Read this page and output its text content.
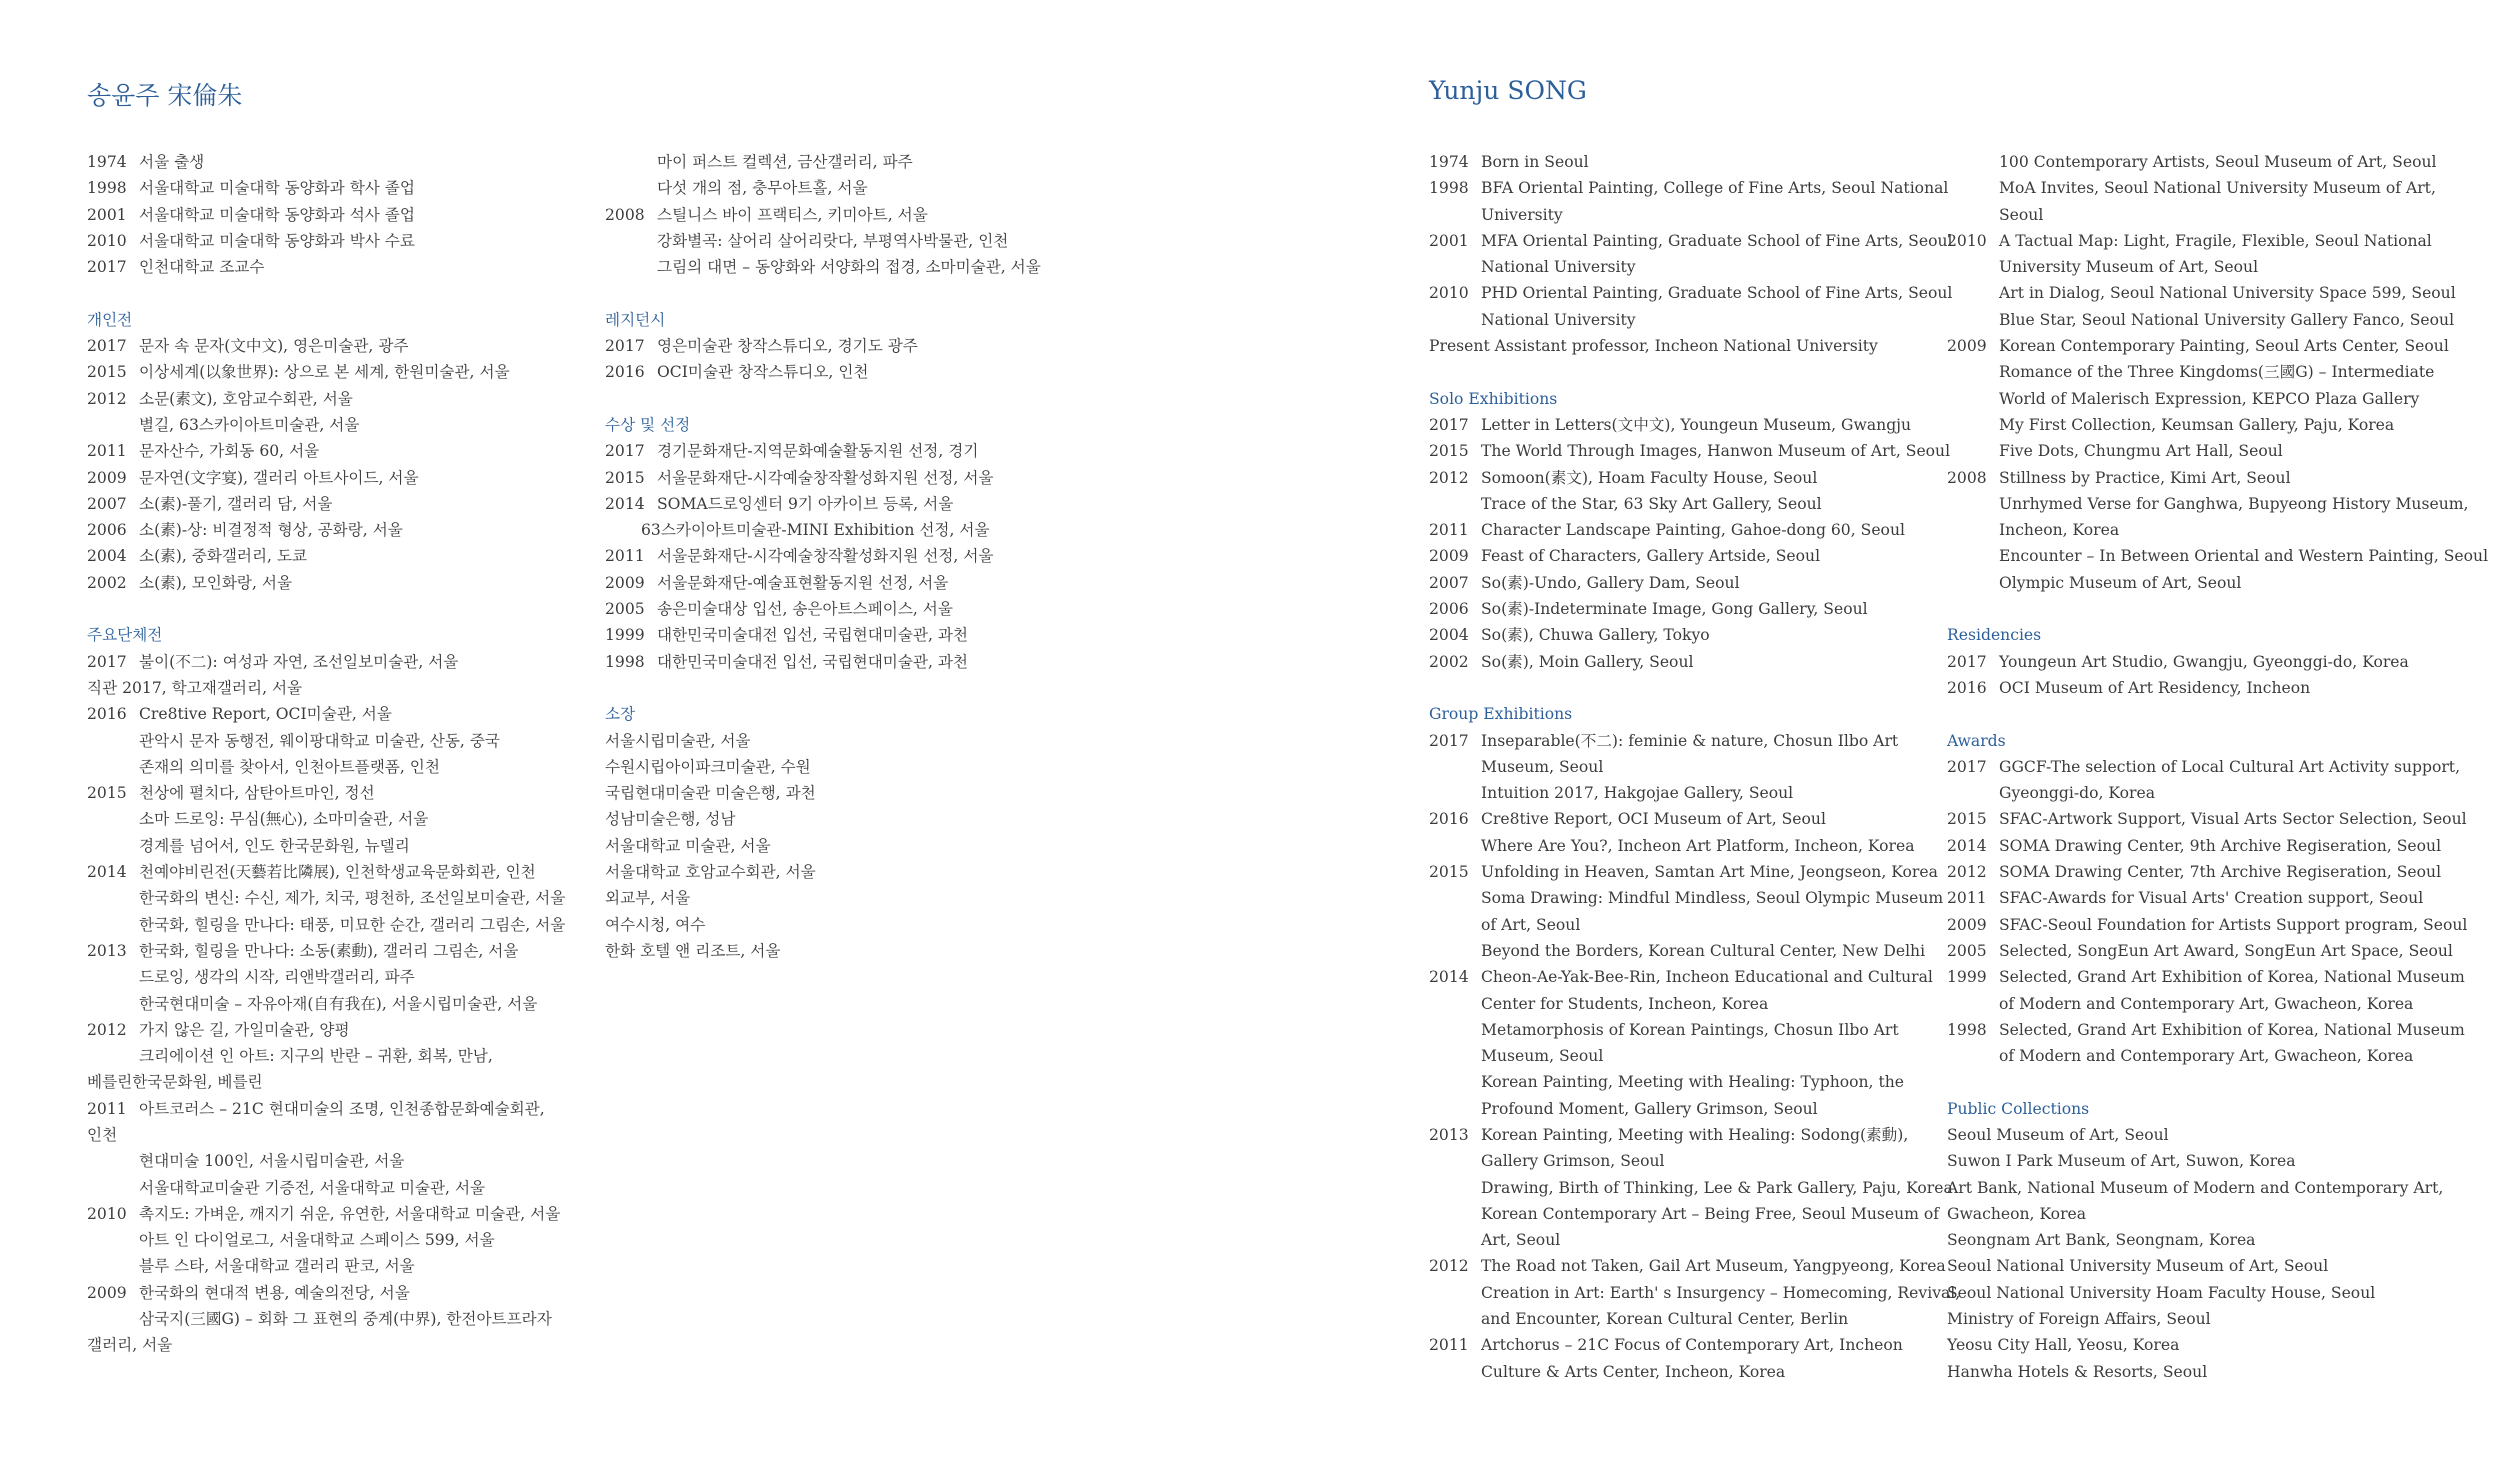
송윤주 宋倫朱	Yunju SONG
1974 서울 출생
1998 서울대학교 미술대학 동양화과 학사 졸업
2001 서울대학교 미술대학 동양화과 석사 졸업
2010 서울대학교 미술대학 동양화과 박사 수료
2017 인천대학교 조교수
개인전
2017 문자 속 문자(文中文), 영은미술관, 광주
2015 이상세계(以象世界): 상으로 본 세계, 한원미술관, 서울
2012 소문(素文), 호암교수회관, 서울
별길, 63스카이아트미술관, 서울
2011 문자산수, 가회동 60, 서울
2009 문자연(文字宴), 갤러리 아트사이드, 서울
2007 소(素)-풀기, 갤러리 담, 서울
2006 소(素)-상: 비결정적 형상, 공화랑, 서울
2004 소(素), 중화갤러리, 도쿄
2002 소(素), 모인화랑, 서울
주요단체전
2017 불이(不二): 여성과 자연, 조선일보미술관, 서울
직관 2017, 학고재갤러리, 서울
2016 Cre8tive Report, OCI미술관, 서울
관악시 문자 동행전, 웨이팡대학교 미술관, 산동, 중국
존재의 의미를 찾아서, 인천아트플랫폼, 인천
2015 천상에 펼치다, 삼탄아트마인, 정선
소마 드로잉: 무심(無心), 소마미술관, 서울
경계를 넘어서, 인도 한국문화원, 뉴델리
2014 천예야비린전(天藝若比隣展), 인천학생교육문화회관, 인천
한국화의 변신: 수신, 제가, 치국, 평천하, 조선일보미술관, 서울
한국화, 힐링을 만나다: 태풍, 미묘한 순간, 갤러리 그림손, 서울
2013 한국화, 힐링을 만나다: 소동(素動), 갤러리 그림손, 서울
드로잉, 생각의 시작, 리앤박갤러리, 파주
한국현대미술 – 자유아재(自有我在), 서울시립미술관, 서울
2012 가지 않은 길, 가일미술관, 양평
크리에이션 인 아트: 지구의 반란 – 귀환, 회복, 만남,
베를린한국문화원, 베를린
2011 아트코러스 – 21C 현대미술의 조명, 인천종합문화예술회관,
인천
현대미술 100인, 서울시립미술관, 서울
서울대학교미술관 기증전, 서울대학교 미술관, 서울
2010 촉지도: 가벼운, 깨지기 쉬운, 유연한, 서울대학교 미술관, 서울
아트 인 다이얼로그, 서울대학교 스페이스 599, 서울
블루 스타, 서울대학교 갤러리 판코, 서울
2009 한국화의 현대적 변용, 예술의전당, 서울
삼국지(三國G) – 회화 그 표현의 중계(中界), 한전아트프라자
갤러리, 서울
마이 퍼스트 컬렉션, 금산갤러리, 파주
다섯 개의 점, 충무아트홀, 서울
2008 스틸니스 바이 프랙티스, 키미아트, 서울
강화별곡: 살어리 살어리랏다, 부평역사박물관, 인천
그림의 대면 – 동양화와 서양화의 접경, 소마미술관, 서울
레지던시
2017 영은미술관 창작스튜디오, 경기도 광주
2016 OCI미술관 창작스튜디오, 인천
수상 및 선정
2017 경기문화재단-지역문화예술활동지원 선정, 경기
2015 서울문화재단-시각예술창작활성화지원 선정, 서울
2014 SOMA드로잉센터 9기 아카이브 등록, 서울
63스카이아트미술관-MINI Exhibition 선정, 서울
2011 서울문화재단-시각예술창작활성화지원 선정, 서울
2009 서울문화재단-예술표현활동지원 선정, 서울
2005 송은미술대상 입선, 송은아트스페이스, 서울
1999 대한민국미술대전 입선, 국립현대미술관, 과천
1998 대한민국미술대전 입선, 국립현대미술관, 과천
소장
서울시립미술관, 서울
수원시립아이파크미술관, 수원
국립현대미술관 미술은행, 과천
성남미술은행, 성남
서울대학교 미술관, 서울
서울대학교 호암교수회관, 서울
외교부, 서울
여수시청, 여수
한화 호텔 앤 리조트, 서울
1974 Born in Seoul
1998 BFA Oriental Painting, College of Fine Arts, Seoul National
University
2001 MFA Oriental Painting, Graduate School of Fine Arts, Seoul
National University
2010 PHD Oriental Painting, Graduate School of Fine Arts, Seoul
National University
Present Assistant professor, Incheon National University
Solo Exhibitions
2017 Letter in Letters(文中文), Youngeun Museum, Gwangju
2015 The World Through Images, Hanwon Museum of Art, Seoul
2012 Somoon(素文), Hoam Faculty House, Seoul
Trace of the Star, 63 Sky Art Gallery, Seoul
2011 Character Landscape Painting, Gahoe-dong 60, Seoul
2009 Feast of Characters, Gallery Artside, Seoul
2007 So(素)-Undo, Gallery Dam, Seoul
2006 So(素)-Indeterminate Image, Gong Gallery, Seoul
2004 So(素), Chuwa Gallery, Tokyo
2002 So(素), Moin Gallery, Seoul
Group Exhibitions
2017 Inseparable(不二): feminie & nature, Chosun Ilbo Art
Museum, Seoul
Intuition 2017, Hakgojae Gallery, Seoul
2016 Cre8tive Report, OCI Museum of Art, Seoul
Where Are You?, Incheon Art Platform, Incheon, Korea
2015 Unfolding in Heaven, Samtan Art Mine, Jeongseon, Korea
Soma Drawing: Mindful Mindless, Seoul Olympic Museum
of Art, Seoul
Beyond the Borders, Korean Cultural Center, New Delhi
2014 Cheon-Ae-Yak-Bee-Rin, Incheon Educational and Cultural
Center for Students, Incheon, Korea
Metamorphosis of Korean Paintings, Chosun Ilbo Art
Museum, Seoul
Korean Painting, Meeting with Healing: Typhoon, the
Profound Moment, Gallery Grimson, Seoul
2013 Korean Painting, Meeting with Healing: Sodong(素動),
Gallery Grimson, Seoul
Drawing, Birth of Thinking, Lee & Park Gallery, Paju, Korea
Korean Contemporary Art – Being Free, Seoul Museum of
Art, Seoul
2012 The Road not Taken, Gail Art Museum, Yangpyeong, Korea
Creation in Art: Earth' s Insurgency – Homecoming, Revival,
and Encounter, Korean Cultural Center, Berlin
2011 Artchorus – 21C Focus of Contemporary Art, Incheon
Culture & Arts Center, Incheon, Korea
100 Contemporary Artists, Seoul Museum of Art, Seoul
MoA Invites, Seoul National University Museum of Art,
Seoul
2010 A Tactual Map: Light, Fragile, Flexible, Seoul National
University Museum of Art, Seoul
Art in Dialog, Seoul National University Space 599, Seoul
Blue Star, Seoul National University Gallery Fanco, Seoul
2009 Korean Contemporary Painting, Seoul Arts Center, Seoul
Romance of the Three Kingdoms(三國G) – Intermediate
World of Malerisch Expression, KEPCO Plaza Gallery
My First Collection, Keumsan Gallery, Paju, Korea
Five Dots, Chungmu Art Hall, Seoul
2008 Stillness by Practice, Kimi Art, Seoul
Unrhymed Verse for Ganghwa, Bupyeong History Museum,
Incheon, Korea
Encounter – In Between Oriental and Western Painting, Seoul
Olympic Museum of Art, Seoul
Residencies
2017 Youngeun Art Studio, Gwangju, Gyeonggi-do, Korea
2016 OCI Museum of Art Residency, Incheon
Awards
2017 GGCF-The selection of Local Cultural Art Activity support,
Gyeonggi-do, Korea
2015 SFAC-Artwork Support, Visual Arts Sector Selection, Seoul
2014 SOMA Drawing Center, 9th Archive Regiseration, Seoul
2012 SOMA Drawing Center, 7th Archive Regiseration, Seoul
2011 SFAC-Awards for Visual Arts' Creation support, Seoul
2009 SFAC-Seoul Foundation for Artists Support program, Seoul
2005 Selected, SongEun Art Award, SongEun Art Space, Seoul
1999 Selected, Grand Art Exhibition of Korea, National Museum
of Modern and Contemporary Art, Gwacheon, Korea
1998 Selected, Grand Art Exhibition of Korea, National Museum
of Modern and Contemporary Art, Gwacheon, Korea
Public Collections
Seoul Museum of Art, Seoul
Suwon I Park Museum of Art, Suwon, Korea
Art Bank, National Museum of Modern and Contemporary Art,
Gwacheon, Korea
Seongnam Art Bank, Seongnam, Korea
Seoul National University Museum of Art, Seoul
Seoul National University Hoam Faculty House, Seoul
Ministry of Foreign Affairs, Seoul
Yeosu City Hall, Yeosu, Korea
Hanwha Hotels & Resorts, Seoul
